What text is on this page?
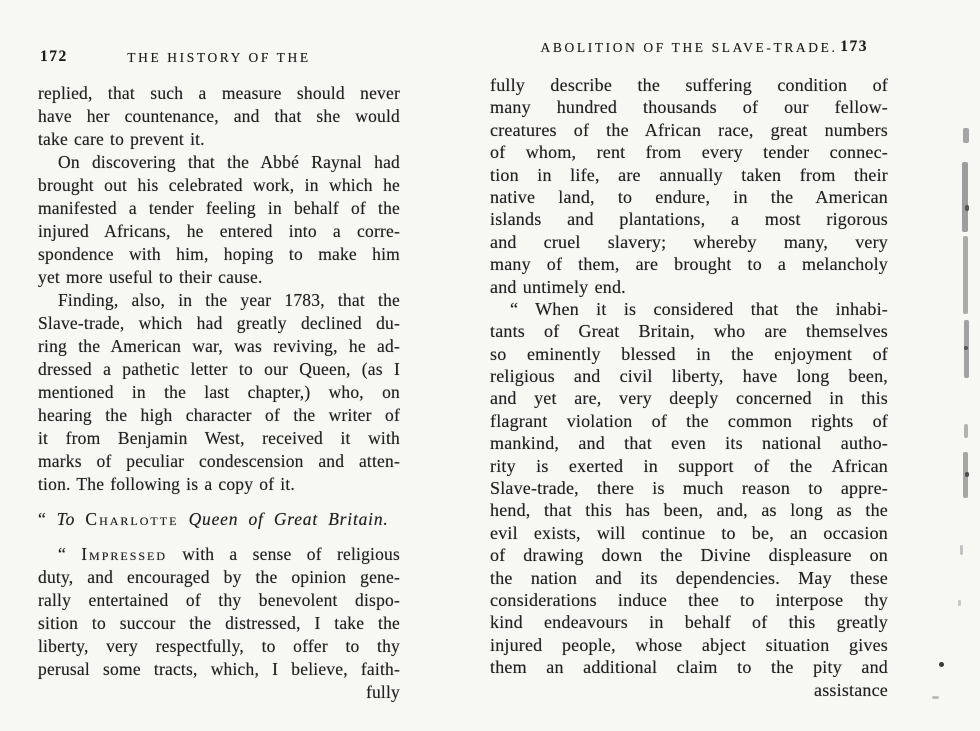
172	THE HISTORY OF THE
ABOLITION OF THE SLAVE-TRADE. 173
replied, that such a measure should never
have her countenance, and that she would
take care to prevent it.
On discovering that the Abbé Raynal had
brought out his celebrated work, in which he
manifested a tender feeling in behalf of the
injured Africans, he entered into a corre-
spondence with him, hoping to make him
yet more useful to their cause.
Finding, also, in the year 1783, that the
Slave-trade, which had greatly declined du-
ring the American war, was reviving, he ad-
dressed a pathetic letter to our Queen, (as I
mentioned in the last chapter,) who, on
hearing the high character of the writer of
it from Benjamin West, received it with
marks of peculiar condescension and atten-
tion. The following is a copy of it.
“ To Charlotte Queen of Great Britain.
“ Impressed with a sense of religious
duty, and encouraged by the opinion gene-
rally entertained of thy benevolent dispo-
sition to succour the distressed, I take the
liberty, very respectfully, to offer to thy
perusal some tracts, which, I believe, faith-
fully
fully describe the suffering condition of
many hundred thousands of our fellow-
creatures of the African race, great numbers
of whom, rent from every tender connec-
tion in life, are annually taken from their
native land, to endure, in the American
islands and plantations, a most rigorous
and cruel slavery; whereby many, very
many of them, are brought to a melancholy
and untimely end.
“ When it is considered that the inhabi-
tants of Great Britain, who are themselves
so eminently blessed in the enjoyment of
religious and civil liberty, have long been,
and yet are, very deeply concerned in this
flagrant violation of the common rights of
mankind, and that even its national autho-
rity is exerted in support of the African
Slave-trade, there is much reason to appre-
hend, that this has been, and, as long as the
evil exists, will continue to be, an occasion
of drawing down the Divine displeasure on
the nation and its dependencies. May these
considerations induce thee to interpose thy
kind endeavours in behalf of this greatly
injured people, whose abject situation gives
them an additional claim to the pity and
assistance
